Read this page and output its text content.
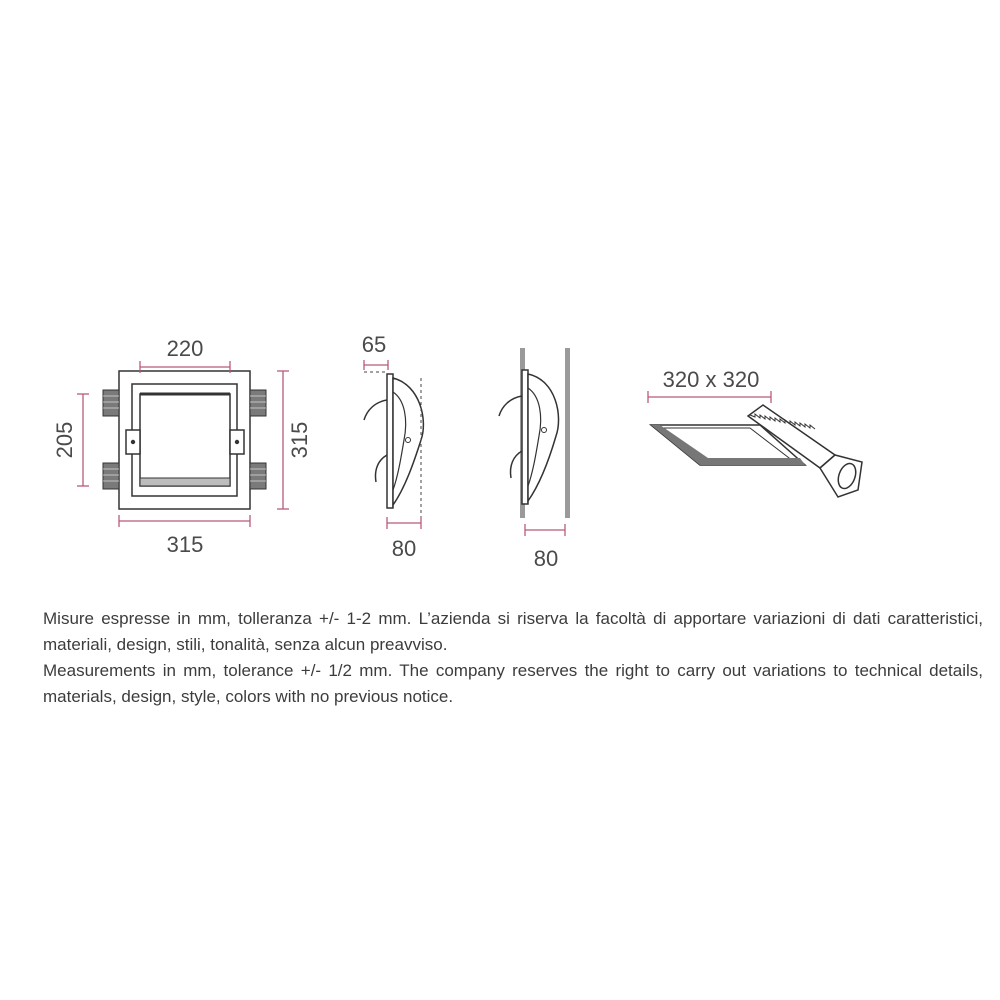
220
205	315
315
65
80	80
320 x 320

Misure espresse in mm, tolleranza +/- 1-2 mm. L’azienda si riserva la facoltà di apportare variazioni di dati caratteristici, materiali, design, stili, tonalità, senza alcun preavviso.

Measurements in mm, tolerance +/- 1/2 mm. The company reserves the right to carry out variations to technical details, materials, design, style, colors with no previous notice.
